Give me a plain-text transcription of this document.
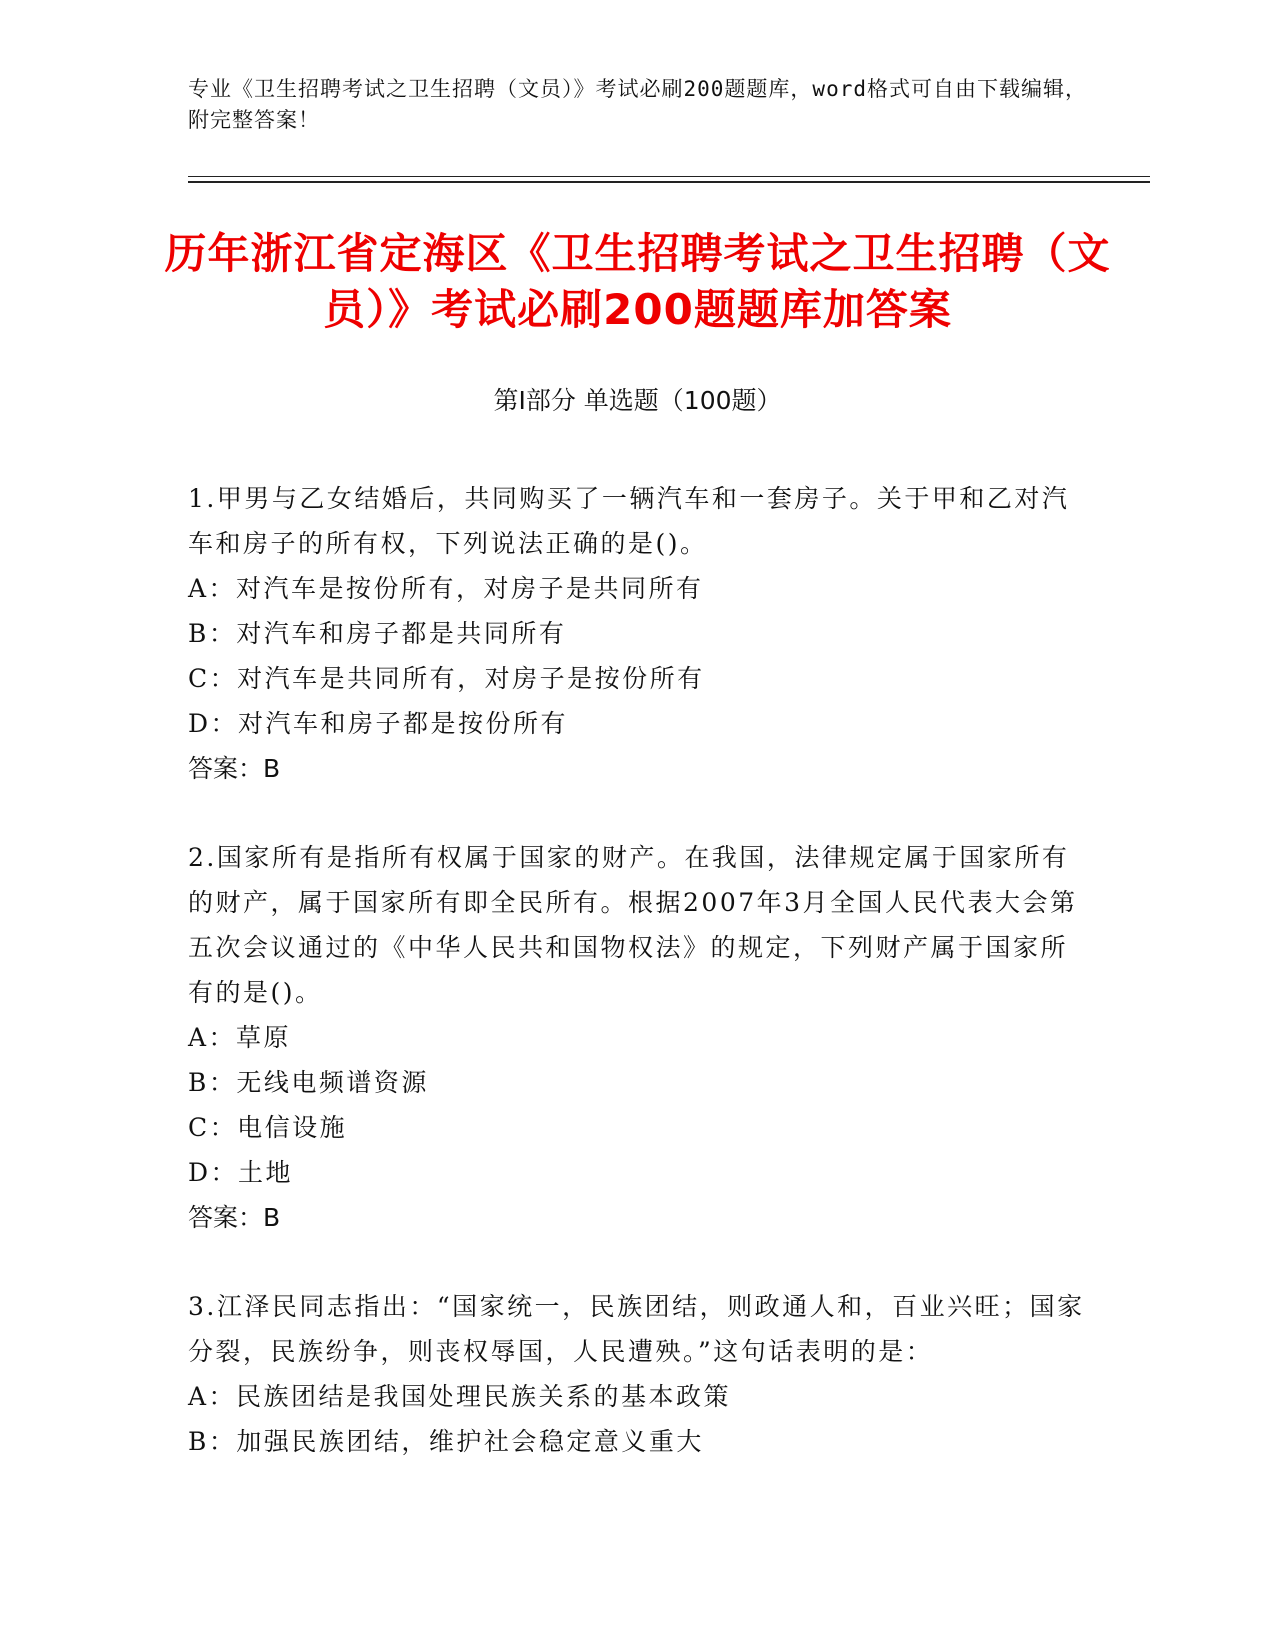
专业《卫生招聘考试之卫生招聘（文员）》考试必刷200题题库，word格式可自由下载编辑，附完整答案！
历年浙江省定海区《卫生招聘考试之卫生招聘（文员）》考试必刷200题题库加答案
第I部分 单选题（100题）
1.甲男与乙女结婚后，共同购买了一辆汽车和一套房子。关于甲和乙对汽车和房子的所有权，下列说法正确的是()。
A：对汽车是按份所有，对房子是共同所有
B：对汽车和房子都是共同所有
C：对汽车是共同所有，对房子是按份所有
D：对汽车和房子都是按份所有
答案：B
2.国家所有是指所有权属于国家的财产。在我国，法律规定属于国家所有的财产，属于国家所有即全民所有。根据2007年3月全国人民代表大会第五次会议通过的《中华人民共和国物权法》的规定，下列财产属于国家所有的是()。
A：草原
B：无线电频谱资源
C：电信设施
D：土地
答案：B
3.江泽民同志指出：“国家统一，民族团结，则政通人和，百业兴旺；国家分裂，民族纷争，则丧权辱国，人民遭殃。”这句话表明的是：
A：民族团结是我国处理民族关系的基本政策
B：加强民族团结，维护社会稳定意义重大
